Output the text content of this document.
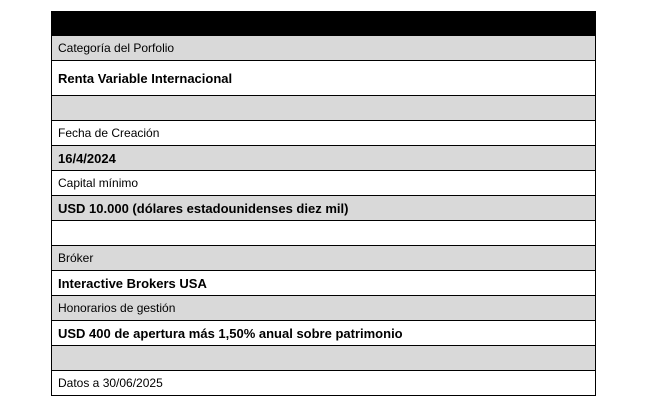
Categoría del Porfolio
Renta Variable Internacional
Fecha de Creación
16/4/2024
Capital mínimo
USD 10.000 (dólares estadounidenses diez mil)
Bróker
Interactive Brokers USA
Honorarios de gestión
USD 400 de apertura más 1,50% anual sobre patrimonio
Datos a 30/06/2025
